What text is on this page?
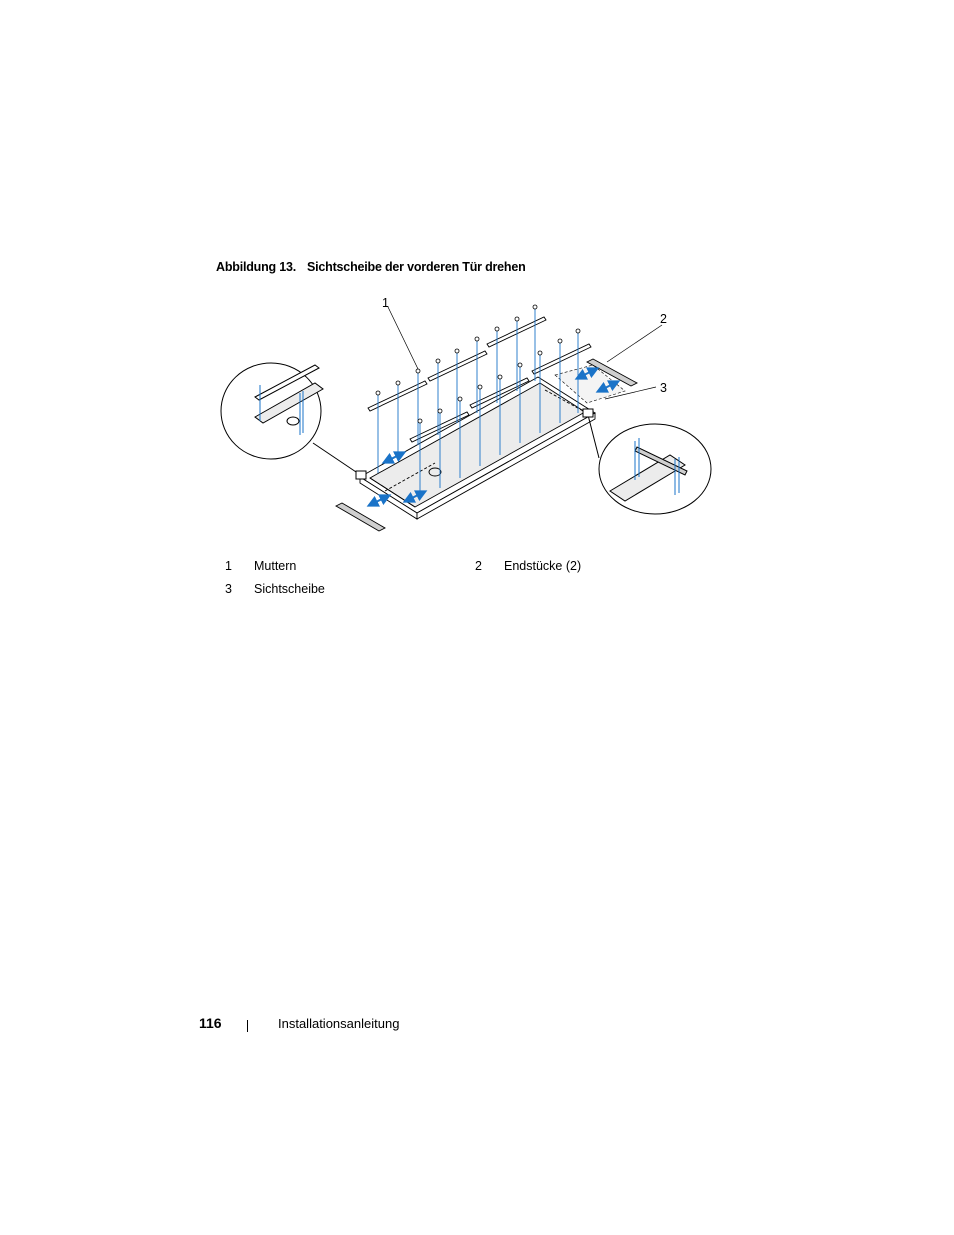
Abbildung 13. Sichtscheibe der vorderen Tür drehen
1
2
3
1 Muttern	2 Endstücke (2)
3 Sichtscheibe
116	Installationsanleitung
